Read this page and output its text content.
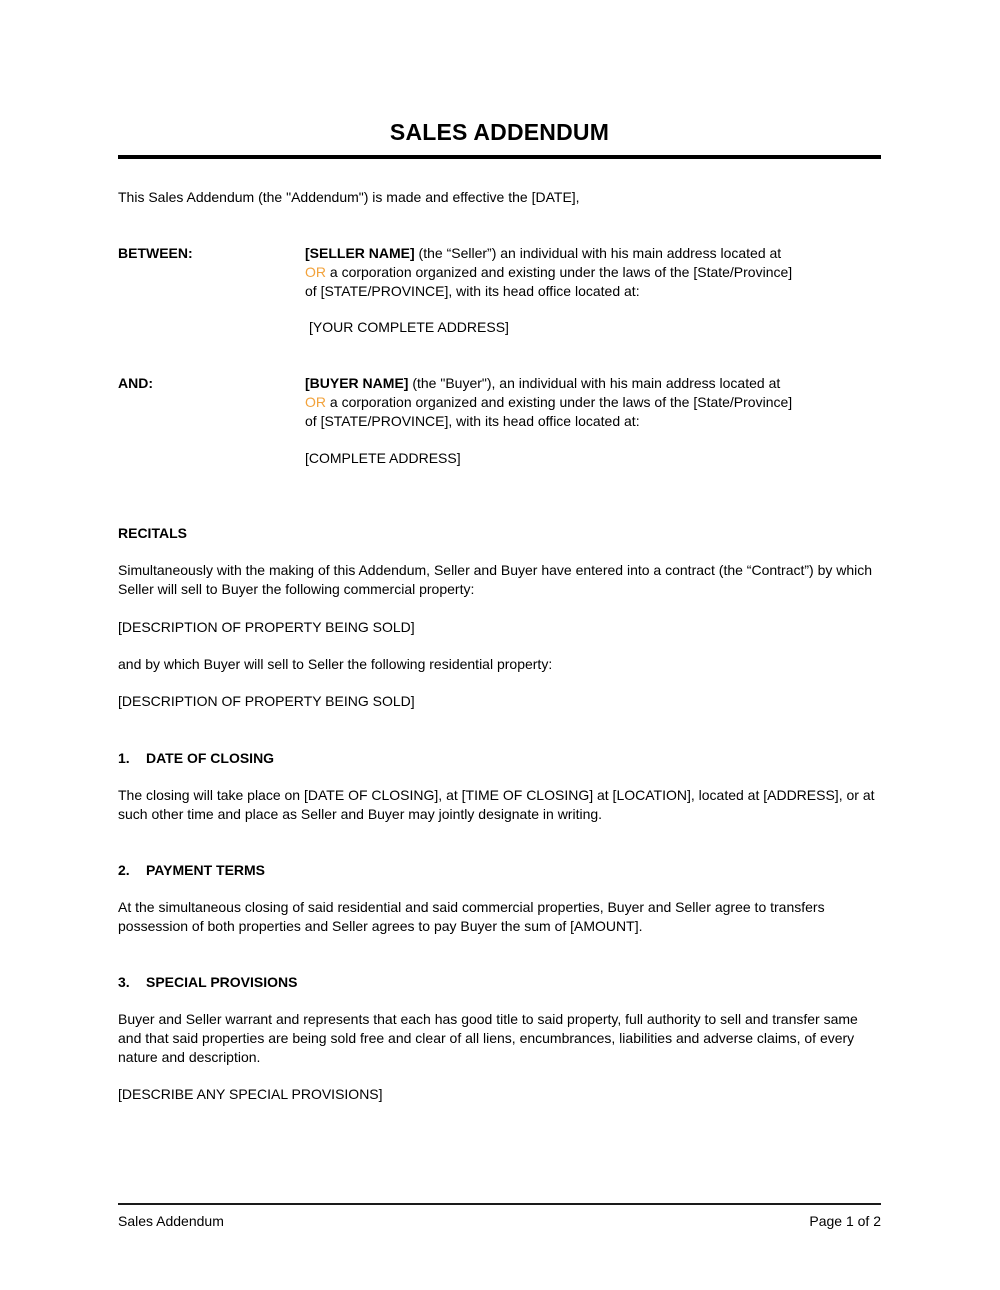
SALES ADDENDUM
This Sales Addendum (the "Addendum") is made and effective the [DATE],
BETWEEN:	[SELLER NAME] (the “Seller”) an individual with his main address located at
OR a corporation organized and existing under the laws of the [State/Province]
of [STATE/PROVINCE], with its head office located at:
[YOUR COMPLETE ADDRESS]
AND:	[BUYER NAME] (the "Buyer"), an individual with his main address located at
OR a corporation organized and existing under the laws of the [State/Province]
of [STATE/PROVINCE], with its head office located at:
[COMPLETE ADDRESS]
RECITALS
Simultaneously with the making of this Addendum, Seller and Buyer have entered into a contract (the “Contract”) by which Seller will sell to Buyer the following commercial property:
[DESCRIPTION OF PROPERTY BEING SOLD]
and by which Buyer will sell to Seller the following residential property:
[DESCRIPTION OF PROPERTY BEING SOLD]
1.	DATE OF CLOSING
The closing will take place on [DATE OF CLOSING], at [TIME OF CLOSING] at [LOCATION], located at [ADDRESS], or at such other time and place as Seller and Buyer may jointly designate in writing.
2.	PAYMENT TERMS
At the simultaneous closing of said residential and said commercial properties, Buyer and Seller agree to transfers possession of both properties and Seller agrees to pay Buyer the sum of [AMOUNT].
3.	SPECIAL PROVISIONS
Buyer and Seller warrant and represents that each has good title to said property, full authority to sell and transfer same and that said properties are being sold free and clear of all liens, encumbrances, liabilities and adverse claims, of every nature and description.
[DESCRIBE ANY SPECIAL PROVISIONS]
Sales Addendum	Page 1 of 2
